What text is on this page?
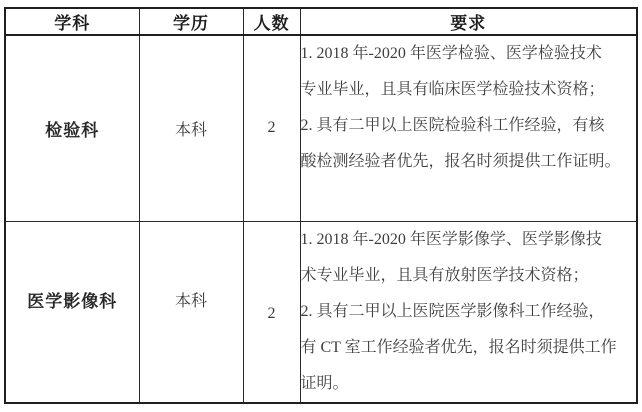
学科	学历	人数	要求
检验科	本科	2	1. 2018 年-2020 年医学检验、医学检验技术
专业毕业，且具有临床医学检验技术资格；
2. 具有二甲以上医院检验科工作经验，有核
酸检测经验者优先，报名时须提供工作证明。

医学影像科	本科	2	1. 2018 年-2020 年医学影像学、医学影像技
术专业毕业，且具有放射医学技术资格；
2. 具有二甲以上医院医学影像科工作经验，
有 CT 室工作经验者优先，报名时须提供工作
证明。
